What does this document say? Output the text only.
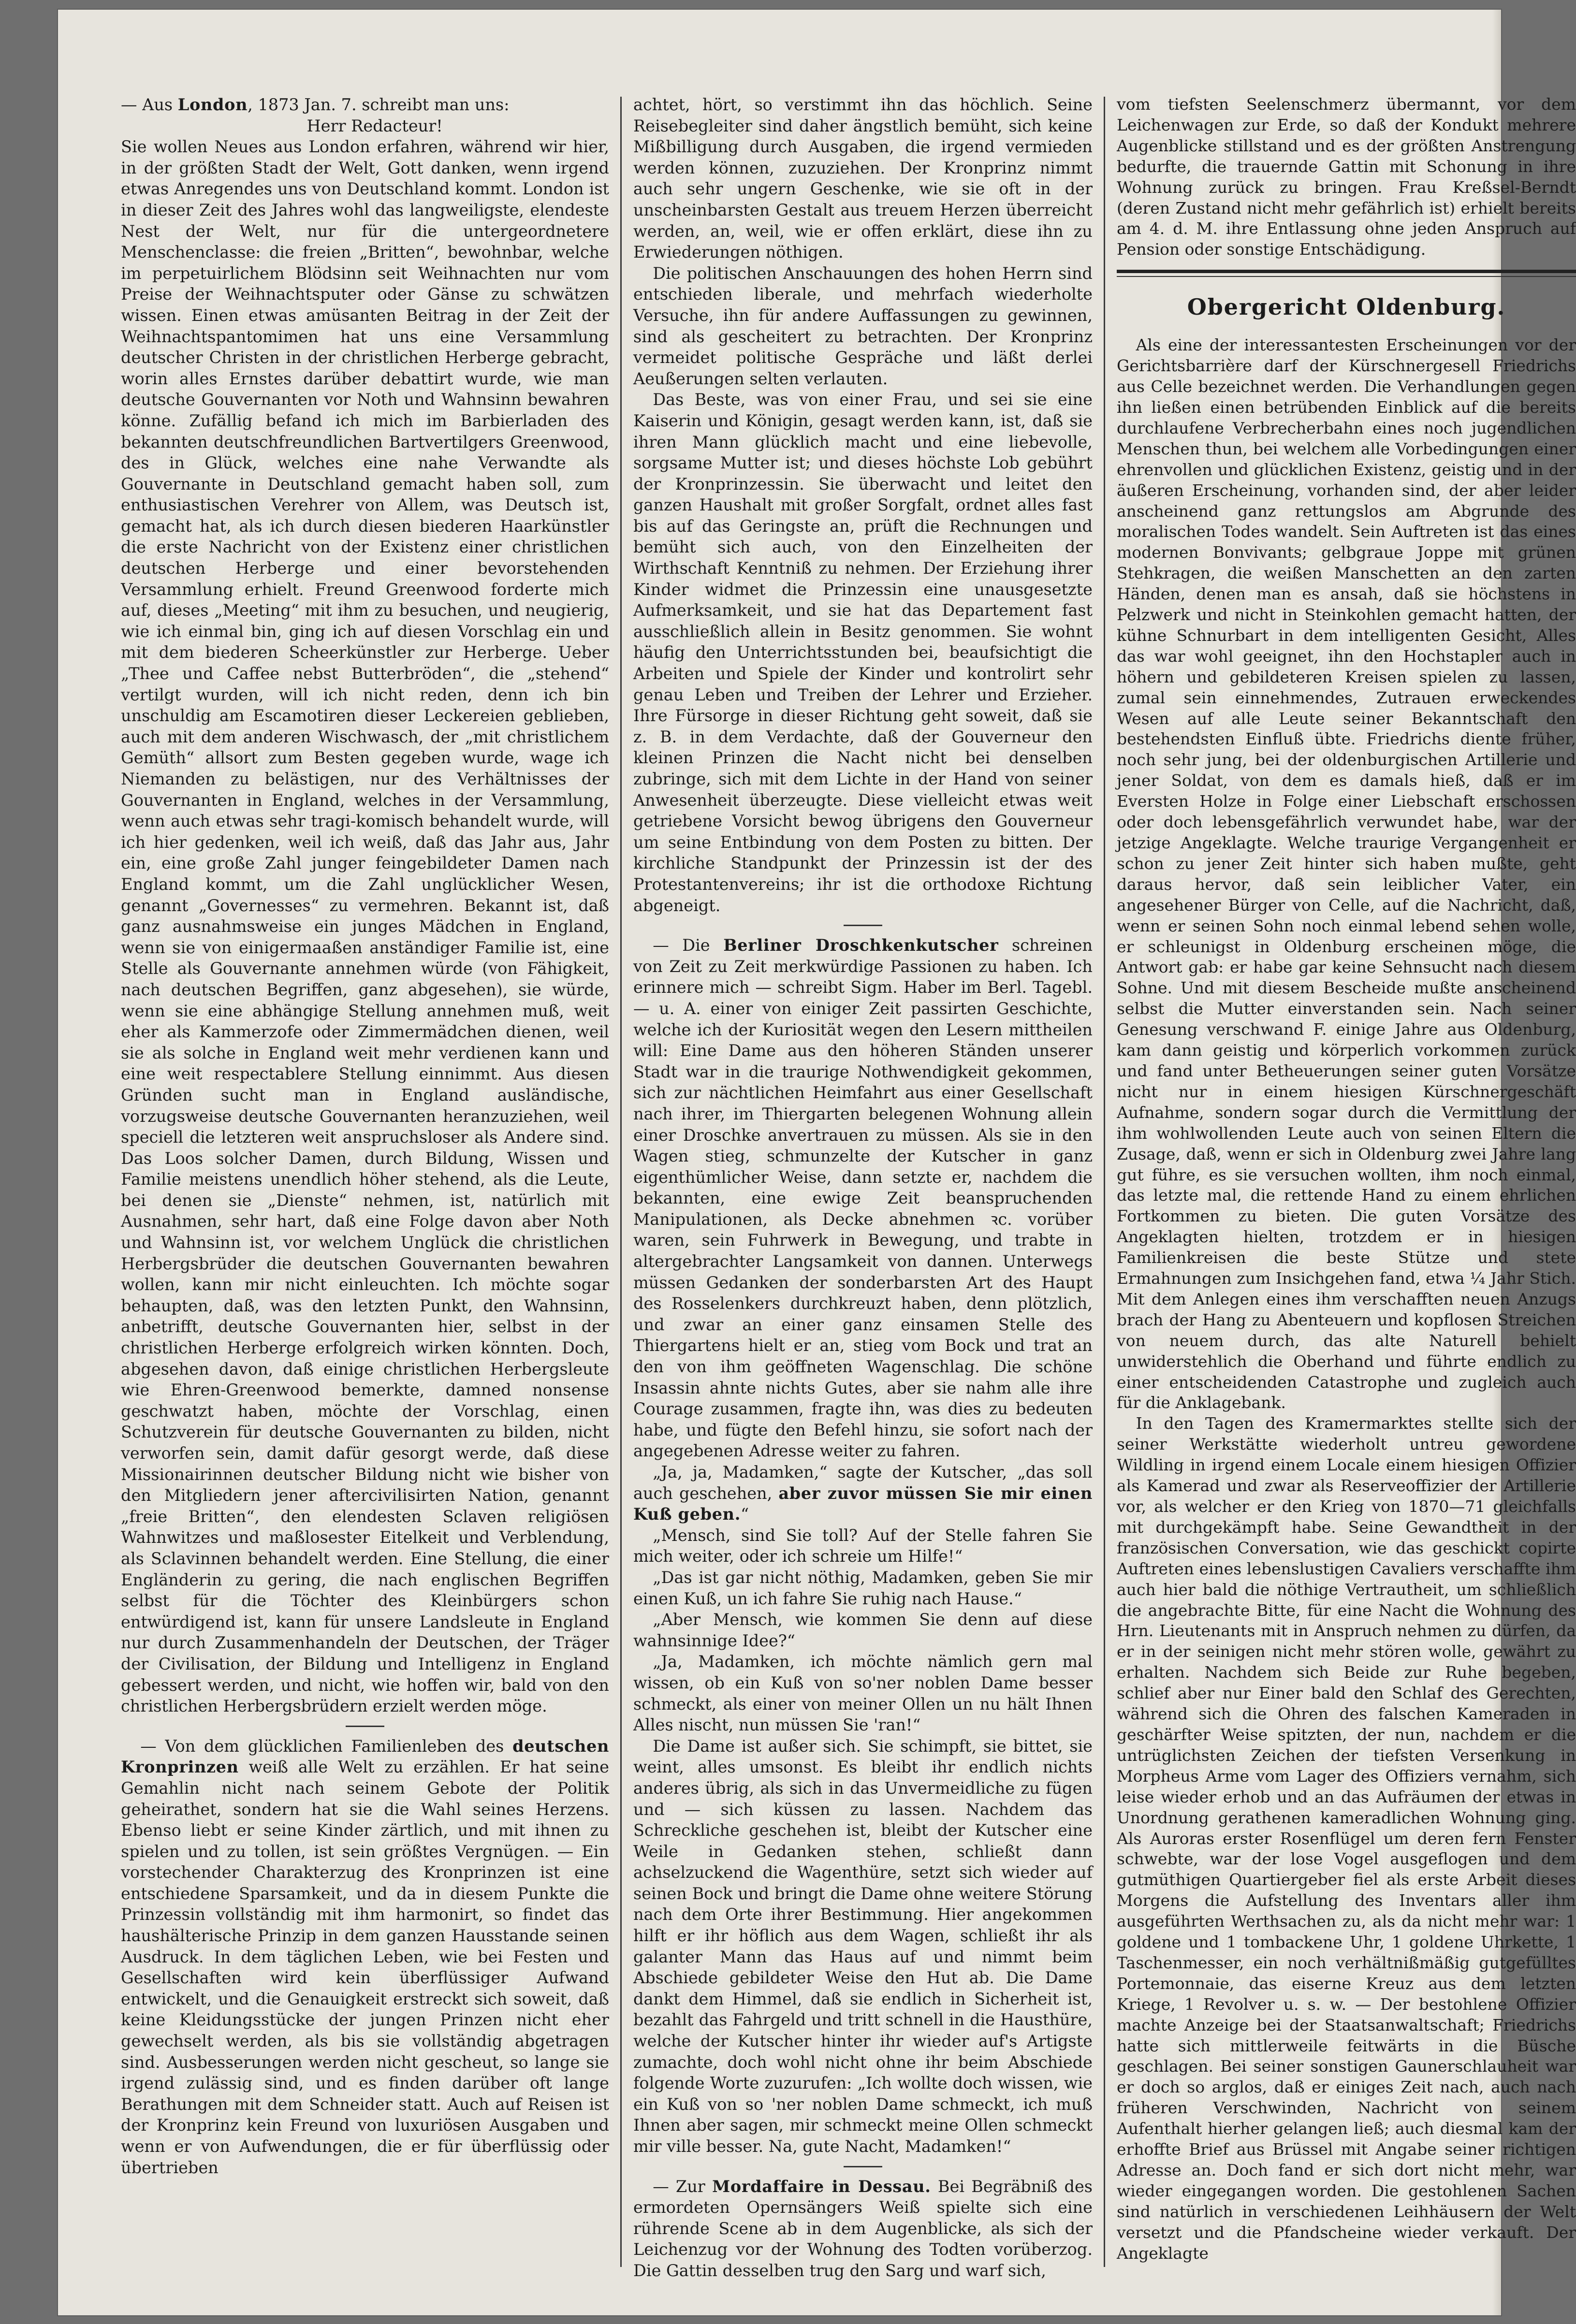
— Aus London, 1873 Jan. 7. schreibt man uns:

Herr Redacteur!

Sie wollen Neues aus London erfahren, während wir hier, in der größten Stadt der Welt, Gott danken, wenn irgend etwas Anregendes uns von Deutschland kommt. London ist in dieser Zeit des Jahres wohl das langweiligste, elendeste Nest der Welt, nur für die untergeordnetere Menschenclasse: die freien „Britten“, bewohnbar, welche im perpetuirlichem Blödsinn seit Weihnachten nur vom Preise der Weihnachtsputer oder Gänse zu schwätzen wissen. Einen etwas amüsanten Beitrag in der Zeit der Weihnachtspantomimen hat uns eine Versammlung deutscher Christen in der christlichen Herberge gebracht, worin alles Ernstes darüber debattirt wurde, wie man deutsche Gouvernanten vor Noth und Wahnsinn bewahren könne. Zufällig befand ich mich im Barbierladen des bekannten deutschfreundlichen Bartvertilgers Greenwood, des in Glück, welches eine nahe Verwandte als Gouvernante in Deutschland gemacht haben soll, zum enthusiastischen Verehrer von Allem, was Deutsch ist, gemacht hat, als ich durch diesen biederen Haarkünstler die erste Nachricht von der Existenz einer christlichen deutschen Herberge und einer bevorstehenden Versammlung erhielt. Freund Greenwood forderte mich auf, dieses „Meeting“ mit ihm zu besuchen, und neugierig, wie ich einmal bin, ging ich auf diesen Vorschlag ein und mit dem biederen Scheerkünstler zur Herberge. Ueber „Thee und Caffee nebst Butterbröden“, die „stehend“ vertilgt wurden, will ich nicht reden, denn ich bin unschuldig am Escamotiren dieser Leckereien geblieben, auch mit dem anderen Wischwasch, der „mit christlichem Gemüth“ allsort zum Besten gegeben wurde, wage ich Niemanden zu belästigen, nur des Verhältnisses der Gouvernanten in England, welches in der Versammlung, wenn auch etwas sehr tragi-komisch behandelt wurde, will ich hier gedenken, weil ich weiß, daß das Jahr aus, Jahr ein, eine große Zahl junger feingebildeter Damen nach England kommt, um die Zahl unglücklicher Wesen, genannt „Governesses“ zu vermehren. Bekannt ist, daß ganz ausnahmsweise ein junges Mädchen in England, wenn sie von einigermaaßen anständiger Familie ist, eine Stelle als Gouvernante annehmen würde (von Fähigkeit, nach deutschen Begriffen, ganz abgesehen), sie würde, wenn sie eine abhängige Stellung annehmen muß, weit eher als Kammerzofe oder Zimmermädchen dienen, weil sie als solche in England weit mehr verdienen kann und eine weit respectablere Stellung einnimmt. Aus diesen Gründen sucht man in England ausländische, vorzugsweise deutsche Gouvernanten heranzuziehen, weil speciell die letzteren weit anspruchsloser als Andere sind. Das Loos solcher Damen, durch Bildung, Wissen und Familie meistens unendlich höher stehend, als die Leute, bei denen sie „Dienste“ nehmen, ist, natürlich mit Ausnahmen, sehr hart, daß eine Folge davon aber Noth und Wahnsinn ist, vor welchem Unglück die christlichen Herbergsbrüder die deutschen Gouvernanten bewahren wollen, kann mir nicht einleuchten. Ich möchte sogar behaupten, daß, was den letzten Punkt, den Wahnsinn, anbetrifft, deutsche Gouvernanten hier, selbst in der christlichen Herberge erfolgreich wirken könnten. Doch, abgesehen davon, daß einige christlichen Herbergsleute wie Ehren-Greenwood bemerkte, damned nonsense geschwatzt haben, möchte der Vorschlag, einen Schutzverein für deutsche Gouvernanten zu bilden, nicht verworfen sein, damit dafür gesorgt werde, daß diese Missionairinnen deutscher Bildung nicht wie bisher von den Mitgliedern jener aftercivilisirten Nation, genannt „freie Britten“, den elendesten Sclaven religiösen Wahnwitzes und maßlosester Eitelkeit und Verblendung, als Sclavinnen behandelt werden. Eine Stellung, die einer Engländerin zu gering, die nach englischen Begriffen selbst für die Töchter des Kleinbürgers schon entwürdigend ist, kann für unsere Landsleute in England nur durch Zusammenhandeln der Deutschen, der Träger der Civilisation, der Bildung und Intelligenz in England gebessert werden, und nicht, wie hoffen wir, bald von den christlichen Herbergsbrüdern erzielt werden möge.

— Von dem glücklichen Familienleben des deutschen Kronprinzen weiß alle Welt zu erzählen. Er hat seine Gemahlin nicht nach seinem Gebote der Politik geheirathet, sondern hat sie die Wahl seines Herzens. Ebenso liebt er seine Kinder zärtlich, und mit ihnen zu spielen und zu tollen, ist sein größtes Vergnügen. — Ein vorstechender Charakterzug des Kronprinzen ist eine entschiedene Sparsamkeit, und da in diesem Punkte die Prinzessin vollständig mit ihm harmonirt, so findet das haushälterische Prinzip in dem ganzen Hausstande seinen Ausdruck. In dem täglichen Leben, wie bei Festen und Gesellschaften wird kein überflüssiger Aufwand entwickelt, und die Genauigkeit erstreckt sich soweit, daß keine Kleidungsstücke der jungen Prinzen nicht eher gewechselt werden, als bis sie vollständig abgetragen sind. Ausbesserungen werden nicht gescheut, so lange sie irgend zulässig sind, und es finden darüber oft lange Berathungen mit dem Schneider statt. Auch auf Reisen ist der Kronprinz kein Freund von luxuriösen Ausgaben und wenn er von Aufwendungen, die er für überflüssig oder übertrieben

achtet, hört, so verstimmt ihn das höchlich. Seine Reisebegleiter sind daher ängstlich bemüht, sich keine Mißbilligung durch Ausgaben, die irgend vermieden werden können, zuzuziehen. Der Kronprinz nimmt auch sehr ungern Geschenke, wie sie oft in der unscheinbarsten Gestalt aus treuem Herzen überreicht werden, an, weil, wie er offen erklärt, diese ihn zu Erwiederungen nöthigen.

Die politischen Anschauungen des hohen Herrn sind entschieden liberale, und mehrfach wiederholte Versuche, ihn für andere Auffassungen zu gewinnen, sind als gescheitert zu betrachten. Der Kronprinz vermeidet politische Gespräche und läßt derlei Aeußerungen selten verlauten.

Das Beste, was von einer Frau, und sei sie eine Kaiserin und Königin, gesagt werden kann, ist, daß sie ihren Mann glücklich macht und eine liebevolle, sorgsame Mutter ist; und dieses höchste Lob gebührt der Kronprinzessin. Sie überwacht und leitet den ganzen Haushalt mit großer Sorgfalt, ordnet alles fast bis auf das Geringste an, prüft die Rechnungen und bemüht sich auch, von den Einzelheiten der Wirthschaft Kenntniß zu nehmen. Der Erziehung ihrer Kinder widmet die Prinzessin eine unausgesetzte Aufmerksamkeit, und sie hat das Departement fast ausschließlich allein in Besitz genommen. Sie wohnt häufig den Unterrichtsstunden bei, beaufsichtigt die Arbeiten und Spiele der Kinder und kontrolirt sehr genau Leben und Treiben der Lehrer und Erzieher. Ihre Fürsorge in dieser Richtung geht soweit, daß sie z. B. in dem Verdachte, daß der Gouverneur den kleinen Prinzen die Nacht nicht bei denselben zubringe, sich mit dem Lichte in der Hand von seiner Anwesenheit überzeugte. Diese vielleicht etwas weit getriebene Vorsicht bewog übrigens den Gouverneur um seine Entbindung von dem Posten zu bitten. Der kirchliche Standpunkt der Prinzessin ist der des Protestantenvereins; ihr ist die orthodoxe Richtung abgeneigt.

— Die Berliner Droschkenkutscher schreinen von Zeit zu Zeit merkwürdige Passionen zu haben. Ich erinnere mich — schreibt Sigm. Haber im Berl. Tagebl. — u. A. einer von einiger Zeit passirten Geschichte, welche ich der Kuriosität wegen den Lesern mittheilen will: Eine Dame aus den höheren Ständen unserer Stadt war in die traurige Nothwendigkeit gekommen, sich zur nächtlichen Heimfahrt aus einer Gesellschaft nach ihrer, im Thiergarten belegenen Wohnung allein einer Droschke anvertrauen zu müssen. Als sie in den Wagen stieg, schmunzelte der Kutscher in ganz eigenthümlicher Weise, dann setzte er, nachdem die bekannten, eine ewige Zeit beanspruchenden Manipulationen, als Decke abnehmen ꝛc. vorüber waren, sein Fuhrwerk in Bewegung, und trabte in altergebrachter Langsamkeit von dannen. Unterwegs müssen Gedanken der sonderbarsten Art des Haupt des Rosselenkers durchkreuzt haben, denn plötzlich, und zwar an einer ganz einsamen Stelle des Thiergartens hielt er an, stieg vom Bock und trat an den von ihm geöffneten Wagenschlag. Die schöne Insassin ahnte nichts Gutes, aber sie nahm alle ihre Courage zusammen, fragte ihn, was dies zu bedeuten habe, und fügte den Befehl hinzu, sie sofort nach der angegebenen Adresse weiter zu fahren.

„Ja, ja, Madamken,“ sagte der Kutscher, „das soll auch geschehen, aber zuvor müssen Sie mir einen Kuß geben.“

„Mensch, sind Sie toll? Auf der Stelle fahren Sie mich weiter, oder ich schreie um Hilfe!“

„Das ist gar nicht nöthig, Madamken, geben Sie mir einen Kuß, un ich fahre Sie ruhig nach Hause.“

„Aber Mensch, wie kommen Sie denn auf diese wahnsinnige Idee?“

„Ja, Madamken, ich möchte nämlich gern mal wissen, ob ein Kuß von so'ner noblen Dame besser schmeckt, als einer von meiner Ollen un nu hält Ihnen Alles nischt, nun müssen Sie 'ran!“

Die Dame ist außer sich. Sie schimpft, sie bittet, sie weint, alles umsonst. Es bleibt ihr endlich nichts anderes übrig, als sich in das Unvermeidliche zu fügen und — sich küssen zu lassen. Nachdem das Schreckliche geschehen ist, bleibt der Kutscher eine Weile in Gedanken stehen, schließt dann achselzuckend die Wagenthüre, setzt sich wieder auf seinen Bock und bringt die Dame ohne weitere Störung nach dem Orte ihrer Bestimmung. Hier angekommen hilft er ihr höflich aus dem Wagen, schließt ihr als galanter Mann das Haus auf und nimmt beim Abschiede gebildeter Weise den Hut ab. Die Dame dankt dem Himmel, daß sie endlich in Sicherheit ist, bezahlt das Fahrgeld und tritt schnell in die Hausthüre, welche der Kutscher hinter ihr wieder auf's Artigste zumachte, doch wohl nicht ohne ihr beim Abschiede folgende Worte zuzurufen: „Ich wollte doch wissen, wie ein Kuß von so 'ner noblen Dame schmeckt, ich muß Ihnen aber sagen, mir schmeckt meine Ollen schmeckt mir ville besser. Na, gute Nacht, Madamken!“

— Zur Mordaffaire in Dessau. Bei Begräbniß des ermordeten Opernsängers Weiß spielte sich eine rührende Scene ab in dem Augenblicke, als sich der Leichenzug vor der Wohnung des Todten vorüberzog. Die Gattin desselben trug den Sarg und warf sich,

vom tiefsten Seelenschmerz übermannt, vor dem Leichenwagen zur Erde, so daß der Kondukt mehrere Augenblicke stillstand und es der größten Anstrengung bedurfte, die trauernde Gattin mit Schonung in ihre Wohnung zurück zu bringen. Frau Kreßsel-Berndt (deren Zustand nicht mehr gefährlich ist) erhielt bereits am 4. d. M. ihre Entlassung ohne jeden Anspruch auf Pension oder sonstige Entschädigung.

Obergericht Oldenburg.

Als eine der interessantesten Erscheinungen vor der Gerichtsbarrière darf der Kürschnergesell Friedrichs aus Celle bezeichnet werden. Die Verhandlungen gegen ihn ließen einen betrübenden Einblick auf die bereits durchlaufene Verbrecherbahn eines noch jugendlichen Menschen thun, bei welchem alle Vorbedingungen einer ehrenvollen und glücklichen Existenz, geistig und in der äußeren Erscheinung, vorhanden sind, der aber leider anscheinend ganz rettungslos am Abgrunde des moralischen Todes wandelt. Sein Auftreten ist das eines modernen Bonvivants; gelbgraue Joppe mit grünen Stehkragen, die weißen Manschetten an den zarten Händen, denen man es ansah, daß sie höchstens in Pelzwerk und nicht in Steinkohlen gemacht hatten, der kühne Schnurbart in dem intelligenten Gesicht, Alles das war wohl geeignet, ihn den Hochstapler auch in höhern und gebildeteren Kreisen spielen zu lassen, zumal sein einnehmendes, Zutrauen erweckendes Wesen auf alle Leute seiner Bekanntschaft den bestehendsten Einfluß übte. Friedrichs diente früher, noch sehr jung, bei der oldenburgischen Artillerie und jener Soldat, von dem es damals hieß, daß er im Eversten Holze in Folge einer Liebschaft erschossen oder doch lebensgefährlich verwundet habe, war der jetzige Angeklagte. Welche traurige Vergangenheit er schon zu jener Zeit hinter sich haben mußte, geht daraus hervor, daß sein leiblicher Vater, ein angesehener Bürger von Celle, auf die Nachricht, daß, wenn er seinen Sohn noch einmal lebend sehen wolle, er schleunigst in Oldenburg erscheinen möge, die Antwort gab: er habe gar keine Sehnsucht nach diesem Sohne. Und mit diesem Bescheide mußte anscheinend selbst die Mutter einverstanden sein. Nach seiner Genesung verschwand F. einige Jahre aus Oldenburg, kam dann geistig und körperlich vorkommen zurück und fand unter Betheuerungen seiner guten Vorsätze nicht nur in einem hiesigen Kürschnergeschäft Aufnahme, sondern sogar durch die Vermittlung der ihm wohlwollenden Leute auch von seinen Eltern die Zusage, daß, wenn er sich in Oldenburg zwei Jahre lang gut führe, es sie versuchen wollten, ihm noch einmal, das letzte mal, die rettende Hand zu einem ehrlichen Fortkommen zu bieten. Die guten Vorsätze des Angeklagten hielten, trotzdem er in hiesigen Familienkreisen die beste Stütze und stete Ermahnungen zum Insichgehen fand, etwa ¼ Jahr Stich. Mit dem Anlegen eines ihm verschafften neuen Anzugs brach der Hang zu Abenteuern und kopflosen Streichen von neuem durch, das alte Naturell behielt unwiderstehlich die Oberhand und führte endlich zu einer entscheidenden Catastrophe und zugleich auch für die Anklagebank.

In den Tagen des Kramermarktes stellte sich der seiner Werkstätte wiederholt untreu gewordene Wildling in irgend einem Locale einem hiesigen Offizier als Kamerad und zwar als Reserveoffizier der Artillerie vor, als welcher er den Krieg von 1870—71 gleichfalls mit durchgekämpft habe. Seine Gewandtheit in der französischen Conversation, wie das geschickt copirte Auftreten eines lebenslustigen Cavaliers verschaffte ihm auch hier bald die nöthige Vertrautheit, um schließlich die angebrachte Bitte, für eine Nacht die Wohnung des Hrn. Lieutenants mit in Anspruch nehmen zu dürfen, da er in der seinigen nicht mehr stören wolle, gewährt zu erhalten. Nachdem sich Beide zur Ruhe begeben, schlief aber nur Einer bald den Schlaf des Gerechten, während sich die Ohren des falschen Kameraden in geschärfter Weise spitzten, der nun, nachdem er die untrüglichsten Zeichen der tiefsten Versenkung in Morpheus Arme vom Lager des Offiziers vernahm, sich leise wieder erhob und an das Aufräumen der etwas in Unordnung gerathenen kameradlichen Wohnung ging. Als Auroras erster Rosenflügel um deren fern Fenster schwebte, war der lose Vogel ausgeflogen und dem gutmüthigen Quartiergeber fiel als erste Arbeit dieses Morgens die Aufstellung des Inventars aller ihm ausgeführten Werthsachen zu, als da nicht mehr war: 1 goldene und 1 tombackene Uhr, 1 goldene Uhrkette, 1 Taschenmesser, ein noch verhältnißmäßig gutgefülltes Portemonnaie, das eiserne Kreuz aus dem letzten Kriege, 1 Revolver u. s. w. — Der bestohlene Offizier machte Anzeige bei der Staatsanwaltschaft; Friedrichs hatte sich mittlerweile feitwärts in die Büsche geschlagen. Bei seiner sonstigen Gaunerschlauheit war er doch so arglos, daß er einiges Zeit nach, auch nach früheren Verschwinden, Nachricht von seinem Aufenthalt hierher gelangen ließ; auch diesmal kam der erhoffte Brief aus Brüssel mit Angabe seiner richtigen Adresse an. Doch fand er sich dort nicht mehr, war wieder eingegangen worden. Die gestohlenen Sachen sind natürlich in verschiedenen Leihhäusern der Welt versetzt und die Pfandscheine wieder verkauft. Der Angeklagte
